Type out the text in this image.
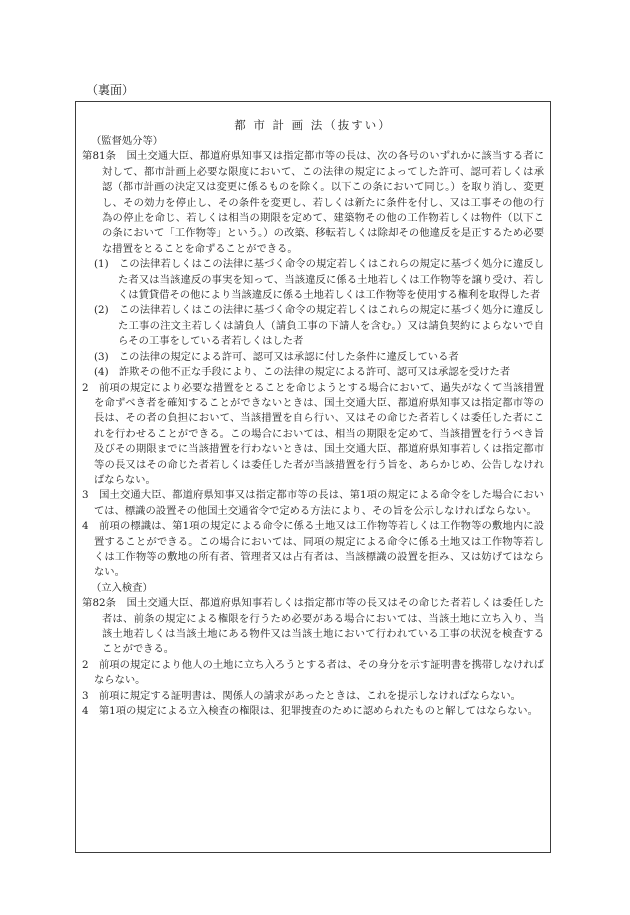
（裏面）
都 市 計 画 法（抜すい）

（監督処分等）

第81条　国土交通大臣、都道府県知事又は指定都市等の長は、次の各号のいずれかに該当する者に対して、都市計画上必要な限度において、この法律の規定によってした許可、認可若しくは承認（都市計画の決定又は変更に係るものを除く。以下この条において同じ。）を取り消し、変更し、その効力を停止し、その条件を変更し、若しくは新たに条件を付し、又は工事その他の行為の停止を命じ、若しくは相当の期限を定めて、建築物その他の工作物若しくは物件（以下この条において「工作物等」という。）の改築、移転若しくは除却その他違反を是正するため必要な措置をとることを命ずることができる。

(1)　この法律若しくはこの法律に基づく命令の規定若しくはこれらの規定に基づく処分に違反した者又は当該違反の事実を知って、当該違反に係る土地若しくは工作物等を譲り受け、若しくは賃貸借その他により当該違反に係る土地若しくは工作物等を使用する権利を取得した者

(2)　この法律若しくはこの法律に基づく命令の規定若しくはこれらの規定に基づく処分に違反した工事の注文主若しくは請負人（請負工事の下請人を含む。）又は請負契約によらないで自らその工事をしている者若しくはした者

(3)　この法律の規定による許可、認可又は承認に付した条件に違反している者

(4)　詐欺その他不正な手段により、この法律の規定による許可、認可又は承認を受けた者

2　前項の規定により必要な措置をとることを命じようとする場合において、過失がなくて当該措置を命ずべき者を確知することができないときは、国土交通大臣、都道府県知事又は指定都市等の長は、その者の負担において、当該措置を自ら行い、又はその命じた者若しくは委任した者にこれを行わせることができる。この場合においては、相当の期限を定めて、当該措置を行うべき旨及びその期限までに当該措置を行わないときは、国土交通大臣、都道府県知事若しくは指定都市等の長又はその命じた者若しくは委任した者が当該措置を行う旨を、あらかじめ、公告しなければならない。

3　国土交通大臣、都道府県知事又は指定都市等の長は、第1項の規定による命令をした場合においては、標識の設置その他国土交通省令で定める方法により、その旨を公示しなければならない。

4　前項の標識は、第1項の規定による命令に係る土地又は工作物等若しくは工作物等の敷地内に設置することができる。この場合においては、同項の規定による命令に係る土地又は工作物等若しくは工作物等の敷地の所有者、管理者又は占有者は、当該標識の設置を拒み、又は妨げてはならない。

（立入検査）

第82条　国土交通大臣、都道府県知事若しくは指定都市等の長又はその命じた者若しくは委任した者は、前条の規定による権限を行うため必要がある場合においては、当該土地に立ち入り、当該土地若しくは当該土地にある物件又は当該土地において行われている工事の状況を検査することができる。

2　前項の規定により他人の土地に立ち入ろうとする者は、その身分を示す証明書を携帯しなければならない。

3　前項に規定する証明書は、関係人の請求があったときは、これを提示しなければならない。

4　第1項の規定による立入検査の権限は、犯罪捜査のために認められたものと解してはならない。
